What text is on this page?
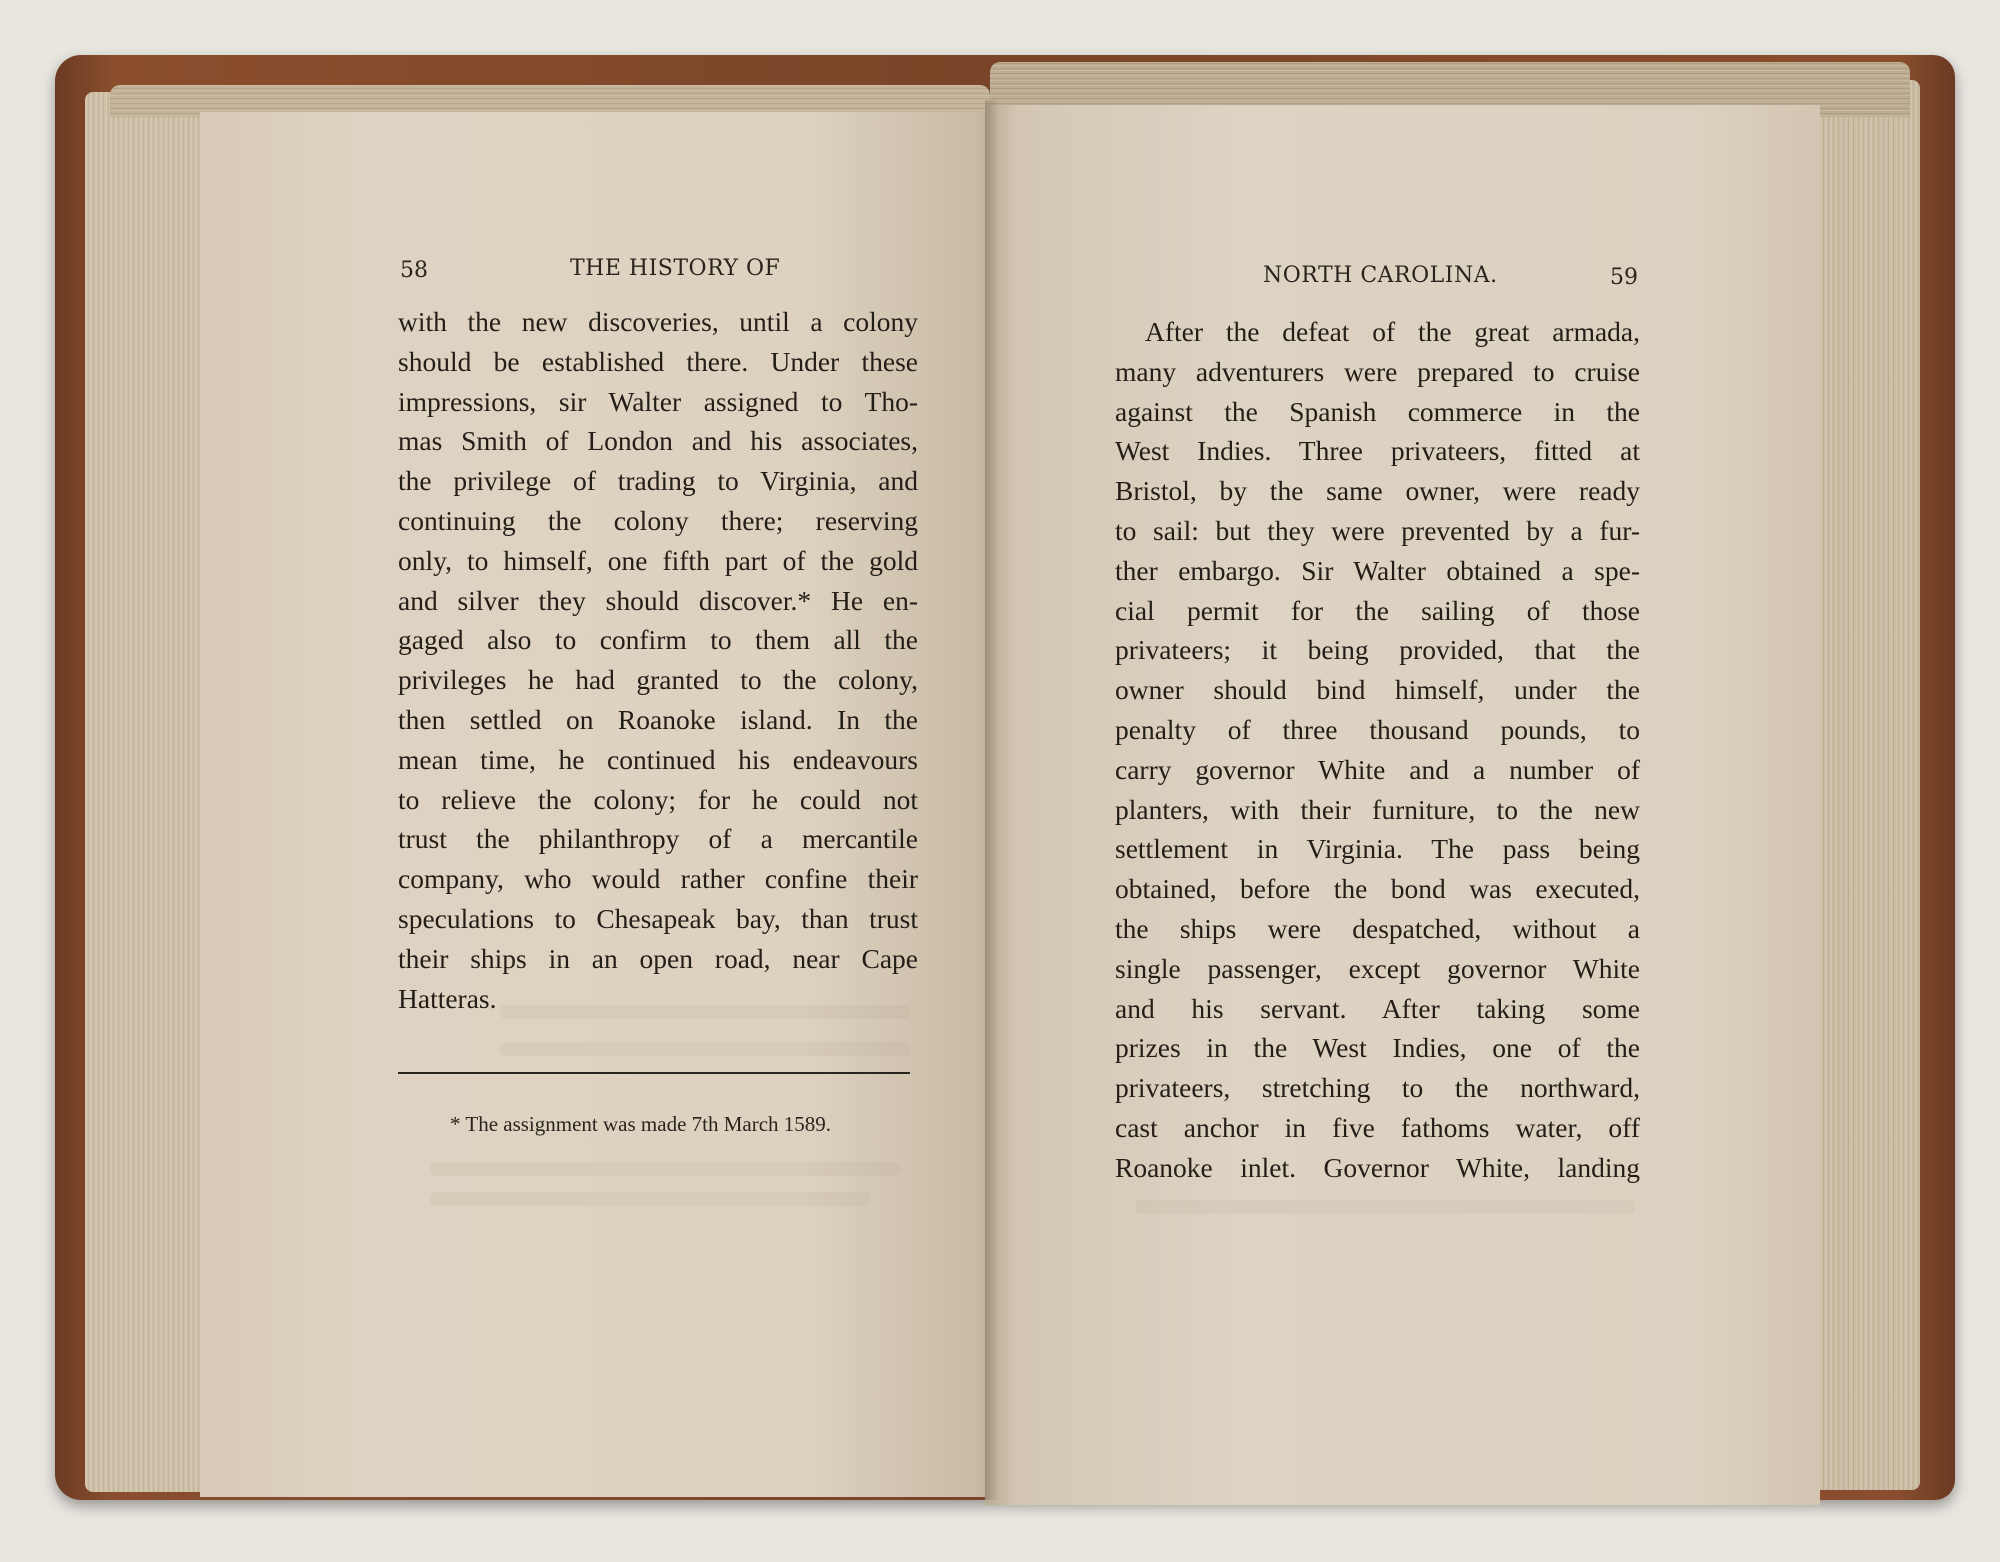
58	THE HISTORY OF
with the new discoveries, until a colony
should be established there. Under these
impressions, sir Walter assigned to Tho-
mas Smith of London and his associates,
the privilege of trading to Virginia, and
continuing the colony there; reserving
only, to himself, one fifth part of the gold
and silver they should discover.* He en-
gaged also to confirm to them all the
privileges he had granted to the colony,
then settled on Roanoke island. In the
mean time, he continued his endeavours
to relieve the colony; for he could not
trust the philanthropy of a mercantile
company, who would rather confine their
speculations to Chesapeak bay, than trust
their ships in an open road, near Cape
Hatteras.
* The assignment was made 7th March 1589.
NORTH CAROLINA.	59
After the defeat of the great armada,
many adventurers were prepared to cruise
against the Spanish commerce in the
West Indies. Three privateers, fitted at
Bristol, by the same owner, were ready
to sail: but they were prevented by a fur-
ther embargo. Sir Walter obtained a spe-
cial permit for the sailing of those
privateers; it being provided, that the
owner should bind himself, under the
penalty of three thousand pounds, to
carry governor White and a number of
planters, with their furniture, to the new
settlement in Virginia. The pass being
obtained, before the bond was executed,
the ships were despatched, without a
single passenger, except governor White
and his servant. After taking some
prizes in the West Indies, one of the
privateers, stretching to the northward,
cast anchor in five fathoms water, off
Roanoke inlet. Governor White, landing
